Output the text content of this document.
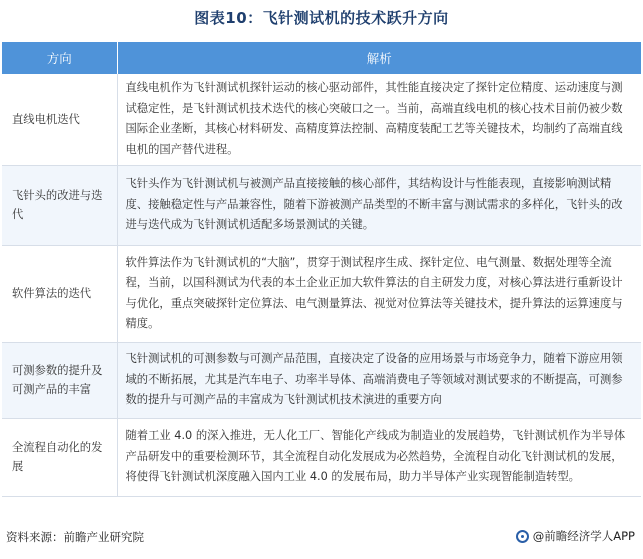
图表10：飞针测试机的技术跃升方向
方向	解析
直线电机迭代	直线电机作为飞针测试机探针运动的核心驱动部件，其性能直接决定了探针定位精度、运动速度与测试稳定性，是飞针测试机技术迭代的核心突破口之一。当前，高端直线电机的核心技术目前仍被少数国际企业垄断，其核心材料研发、高精度算法控制、高精度装配工艺等关键技术，均制约了高端直线电机的国产替代进程。
飞针头的改进与迭代	飞针头作为飞针测试机与被测产品直接接触的核心部件，其结构设计与性能表现，直接影响测试精度、接触稳定性与产品兼容性，随着下游被测产品类型的不断丰富与测试需求的多样化，飞针头的改进与迭代成为飞针测试机适配多场景测试的关键。
软件算法的迭代	软件算法作为飞针测试机的“大脑”，贯穿于测试程序生成、探针定位、电气测量、数据处理等全流程，当前，以国科测试为代表的本土企业正加大软件算法的自主研发力度，对核心算法进行重新设计与优化，重点突破探针定位算法、电气测量算法、视觉对位算法等关键技术，提升算法的运算速度与精度。
可测参数的提升及可测产品的丰富	飞针测试机的可测参数与可测产品范围，直接决定了设备的应用场景与市场竞争力，随着下游应用领域的不断拓展，尤其是汽车电子、功率半导体、高端消费电子等领域对测试要求的不断提高，可测参数的提升与可测产品的丰富成为飞针测试机技术演进的重要方向
全流程自动化的发展	随着工业 4.0 的深入推进，无人化工厂、智能化产线成为制造业的发展趋势，飞针测试机作为半导体产品研发中的重要检测环节，其全流程自动化发展成为必然趋势，全流程自动化飞针测试机的发展，将使得飞针测试机深度融入国内工业 4.0 的发展布局，助力半导体产业实现智能制造转型。
资料来源：前瞻产业研究院	@前瞻经济学人APP
